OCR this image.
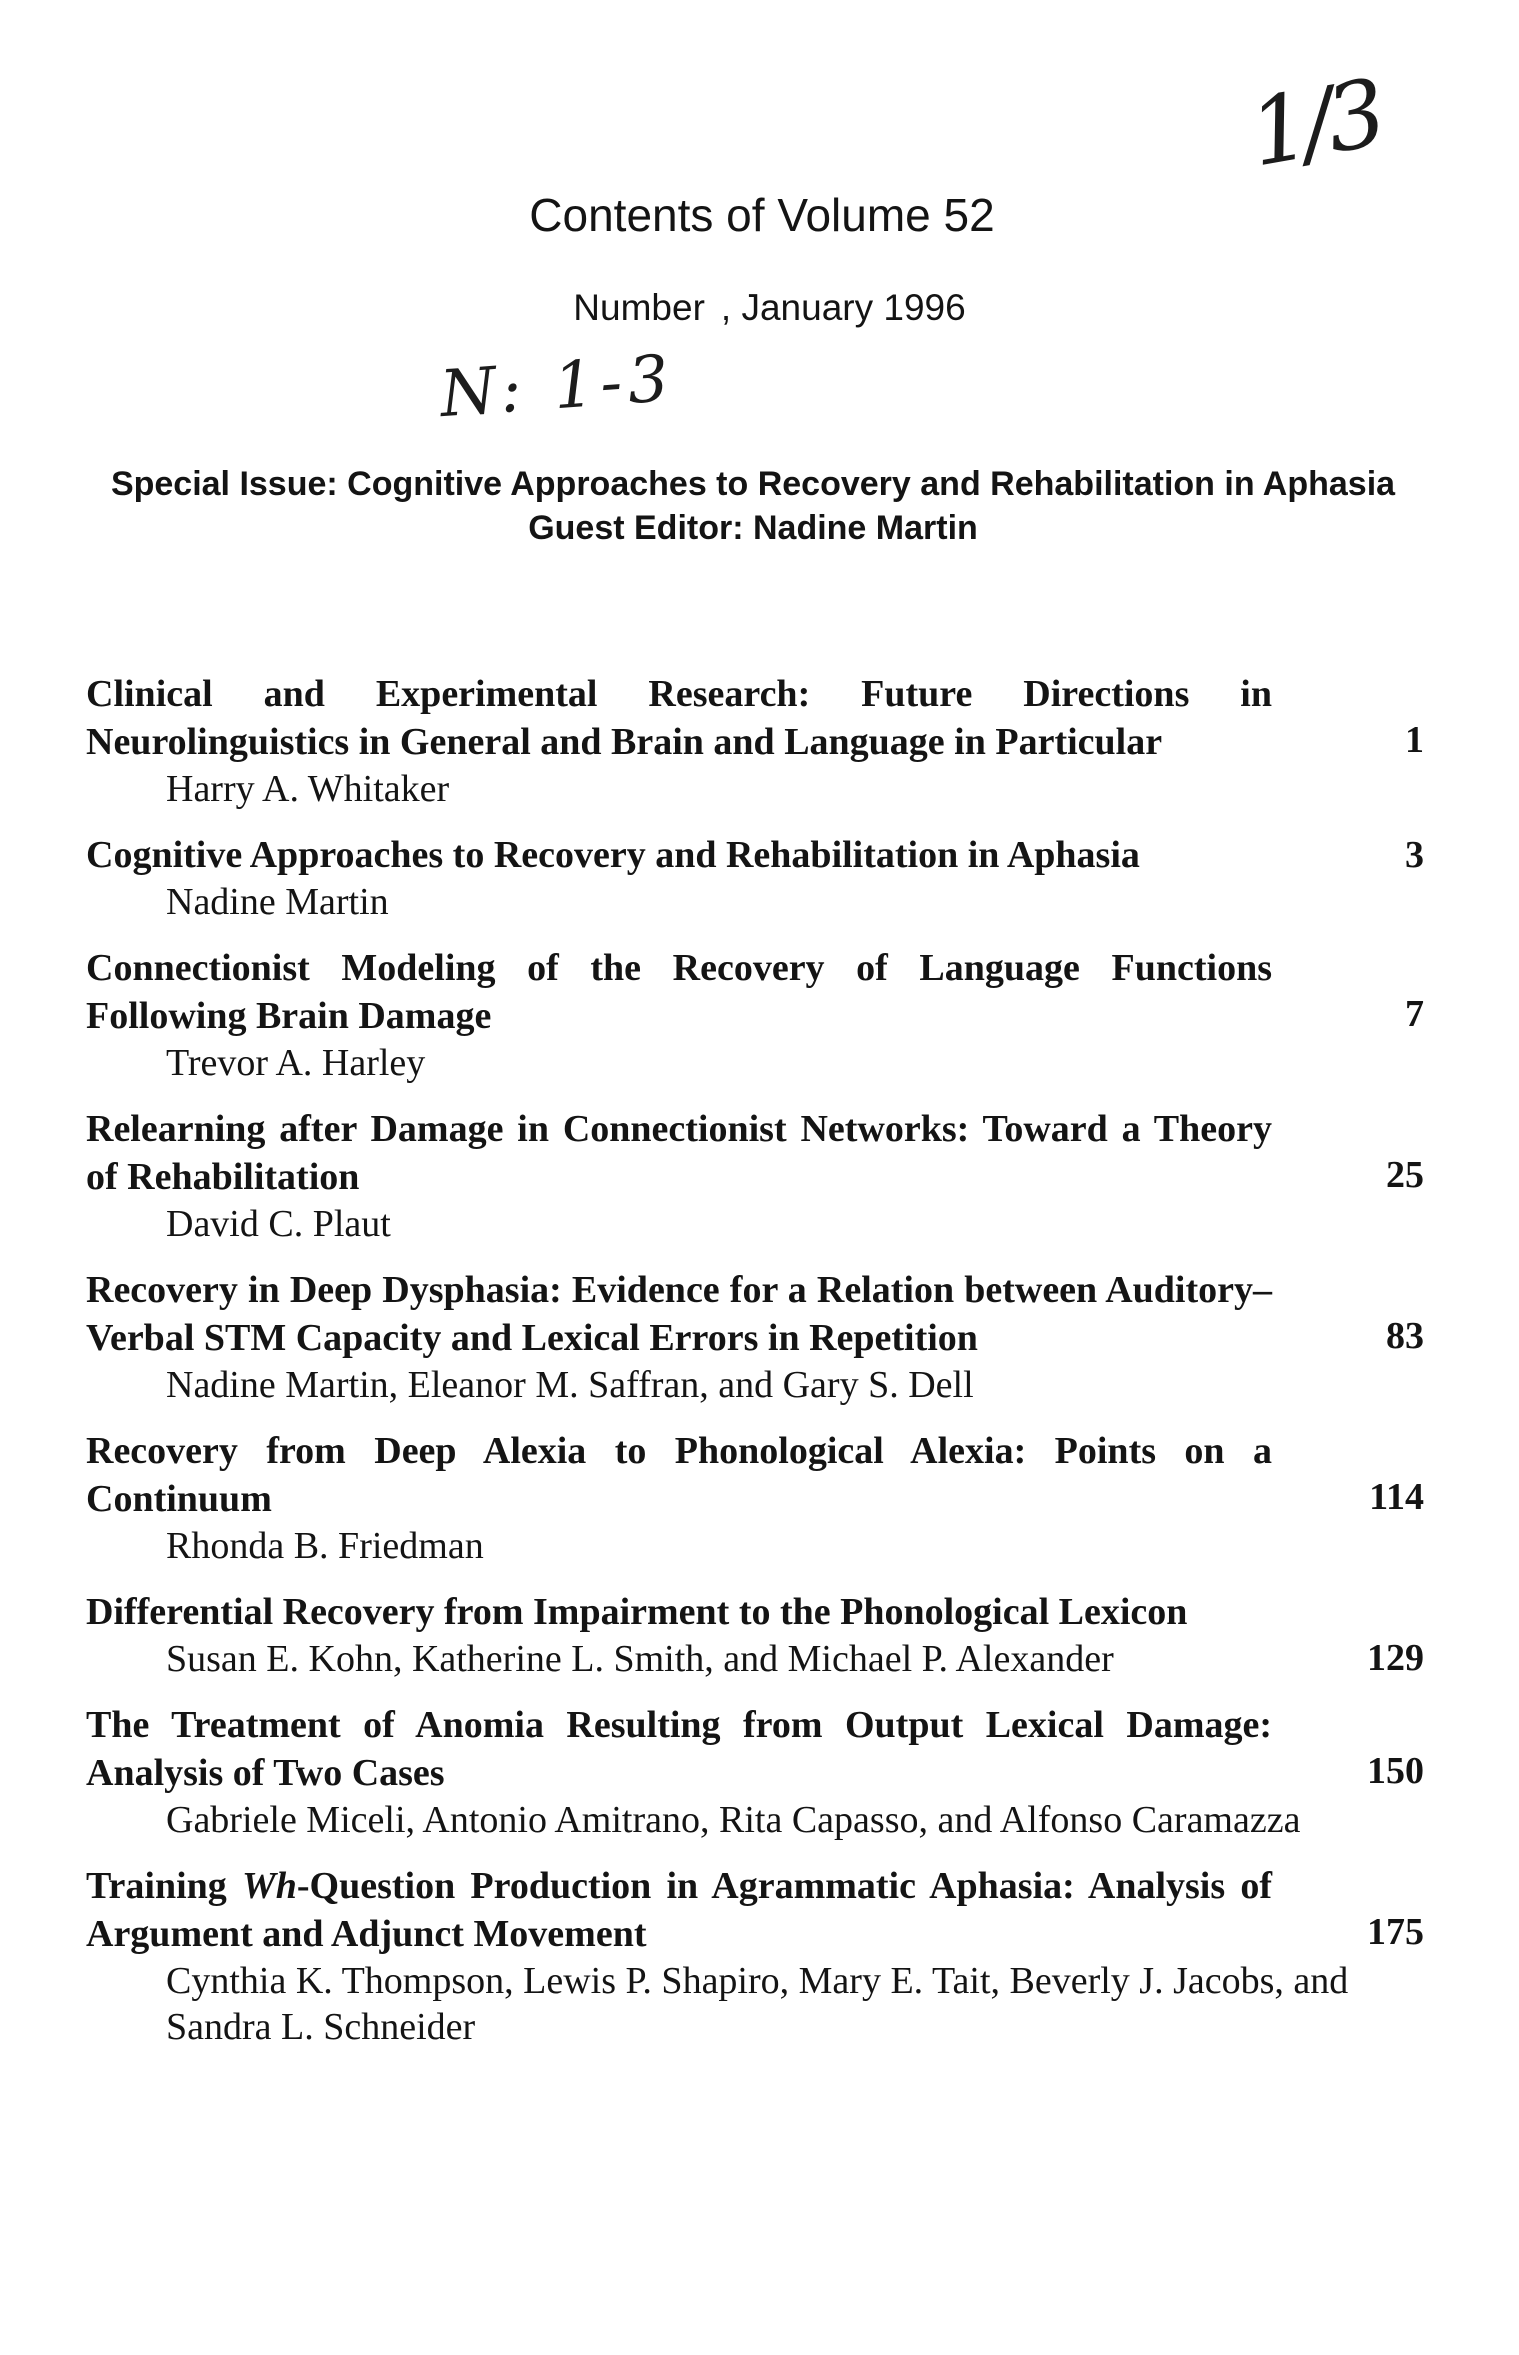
1/3
Contents of Volume 52
Number , January 1996
N: 1-3
Special Issue: Cognitive Approaches to Recovery and Rehabilitation in Aphasia
Guest Editor: Nadine Martin
Clinical and Experimental Research: Future Directions in Neurolinguistics in General and Brain and Language in Particular
Harry A. Whitaker
1
Cognitive Approaches to Recovery and Rehabilitation in Aphasia
Nadine Martin
3
Connectionist Modeling of the Recovery of Language Functions Following Brain Damage
Trevor A. Harley
7
Relearning after Damage in Connectionist Networks: Toward a Theory of Rehabilitation
David C. Plaut
25
Recovery in Deep Dysphasia: Evidence for a Relation between Auditory–Verbal STM Capacity and Lexical Errors in Repetition
Nadine Martin, Eleanor M. Saffran, and Gary S. Dell
83
Recovery from Deep Alexia to Phonological Alexia: Points on a Continuum
Rhonda B. Friedman
114
Differential Recovery from Impairment to the Phonological Lexicon
Susan E. Kohn, Katherine L. Smith, and Michael P. Alexander	129
The Treatment of Anomia Resulting from Output Lexical Damage: Analysis of Two Cases
Gabriele Miceli, Antonio Amitrano, Rita Capasso, and Alfonso Caramazza
150
Training Wh-Question Production in Agrammatic Aphasia: Analysis of Argument and Adjunct Movement
Cynthia K. Thompson, Lewis P. Shapiro, Mary E. Tait, Beverly J. Jacobs, and Sandra L. Schneider
175
